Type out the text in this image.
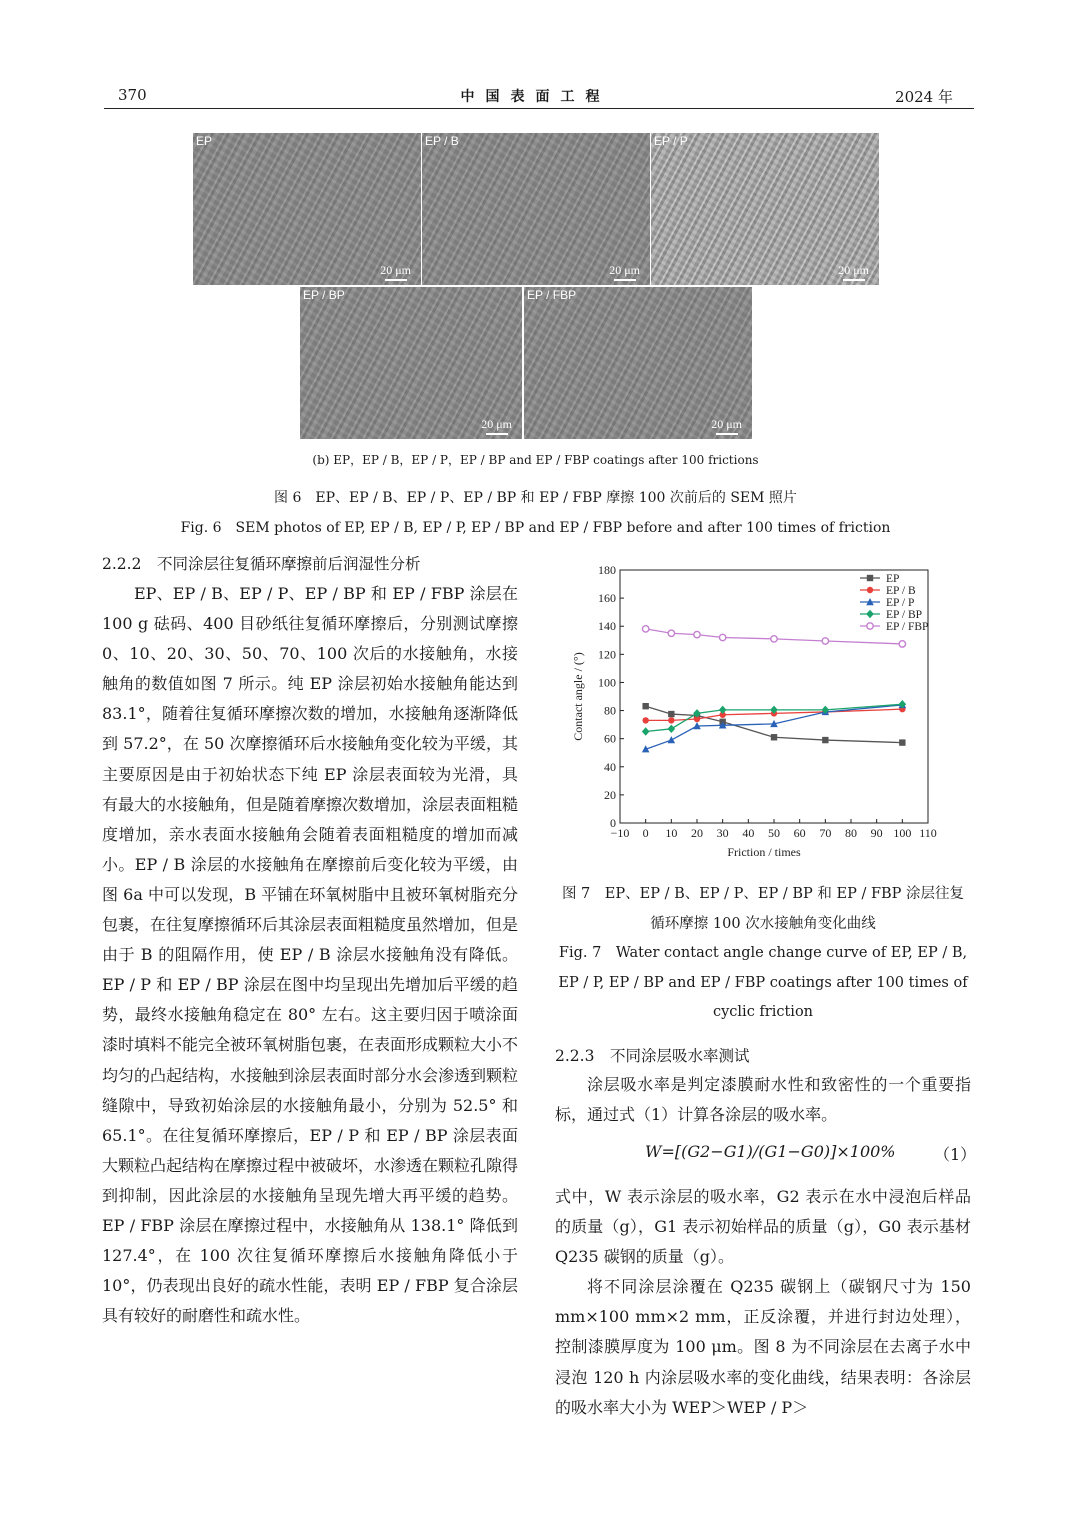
370	中国表面工程	2024 年
EP
20 μm
EP / B
20 μm
EP / P
20 μm
EP / BP
20 μm
EP / FBP
20 μm
(b) EP，EP / B，EP / P，EP / BP and EP / FBP coatings after 100 frictions
图 6　EP、EP / B、EP / P、EP / BP 和 EP / FBP 摩擦 100 次前后的 SEM 照片
Fig. 6　SEM photos of EP, EP / B, EP / P, EP / BP and EP / FBP before and after 100 times of friction
2.2.2　不同涂层往复循环摩擦前后润湿性分析

EP、EP / B、EP / P、EP / BP 和 EP / FBP 涂层在 100 g 砝码、400 目砂纸往复循环摩擦后，分别测试摩擦 0、10、20、30、50、70、100 次后的水接触角，水接触角的数值如图 7 所示。纯 EP 涂层初始水接触角能达到 83.1°，随着往复循环摩擦次数的增加，水接触角逐渐降低到 57.2°，在 50 次摩擦循环后水接触角变化较为平缓，其主要原因是由于初始状态下纯 EP 涂层表面较为光滑，具有最大的水接触角，但是随着摩擦次数增加，涂层表面粗糙度增加，亲水表面水接触角会随着表面粗糙度的增加而减小。EP / B 涂层的水接触角在摩擦前后变化较为平缓，由图 6a 中可以发现，B 平铺在环氧树脂中且被环氧树脂充分包裹，在往复摩擦循环后其涂层表面粗糙度虽然增加，但是由于 B 的阻隔作用，使 EP / B 涂层水接触角没有降低。EP / P 和 EP / BP 涂层在图中均呈现出先增加后平缓的趋势，最终水接触角稳定在 80° 左右。这主要归因于喷涂面漆时填料不能完全被环氧树脂包裹，在表面形成颗粒大小不均匀的凸起结构，水接触到涂层表面时部分水会渗透到颗粒缝隙中，导致初始涂层的水接触角最小，分别为 52.5° 和 65.1°。在往复循环摩擦后，EP / P 和 EP / BP 涂层表面大颗粒凸起结构在摩擦过程中被破坏，水渗透在颗粒孔隙得到抑制，因此涂层的水接触角呈现先增大再平缓的趋势。EP / FBP 涂层在摩擦过程中，水接触角从 138.1° 降低到 127.4°，在 100 次往复循环摩擦后水接触角降低小于 10°，仍表现出良好的疏水性能，表明 EP / FBP 复合涂层具有较好的耐磨性和疏水性。

−10 0 10 20 30 40 50 60 70 80 90 100 110
0
20
40
60
80
100
120
140
160
180
Friction / times
Contact angle / (°)
EP
EP / B
EP / P
EP / BP
EP / FBP
图 7　EP、EP / B、EP / P、EP / BP 和 EP / FBP 涂层往复循环摩擦 100 次水接触角变化曲线
Fig. 7　Water contact angle change curve of EP, EP / B, EP / P, EP / BP and EP / FBP coatings after 100 times of cyclic friction
2.2.3　不同涂层吸水率测试

涂层吸水率是判定漆膜耐水性和致密性的一个重要指标，通过式（1）计算各涂层的吸水率。

W=[(G2−G1)/(G1−G0)]×100% （1）

式中，W 表示涂层的吸水率，G2 表示在水中浸泡后样品的质量（g），G1 表示初始样品的质量（g），G0 表示基材 Q235 碳钢的质量（g）。

将不同涂层涂覆在 Q235 碳钢上（碳钢尺寸为 150 mm×100 mm×2 mm，正反涂覆，并进行封边处理），控制漆膜厚度为 100 μm。图 8 为不同涂层在去离子水中浸泡 120 h 内涂层吸水率的变化曲线，结果表明：各涂层的吸水率大小为 WEP＞WEP / P＞
